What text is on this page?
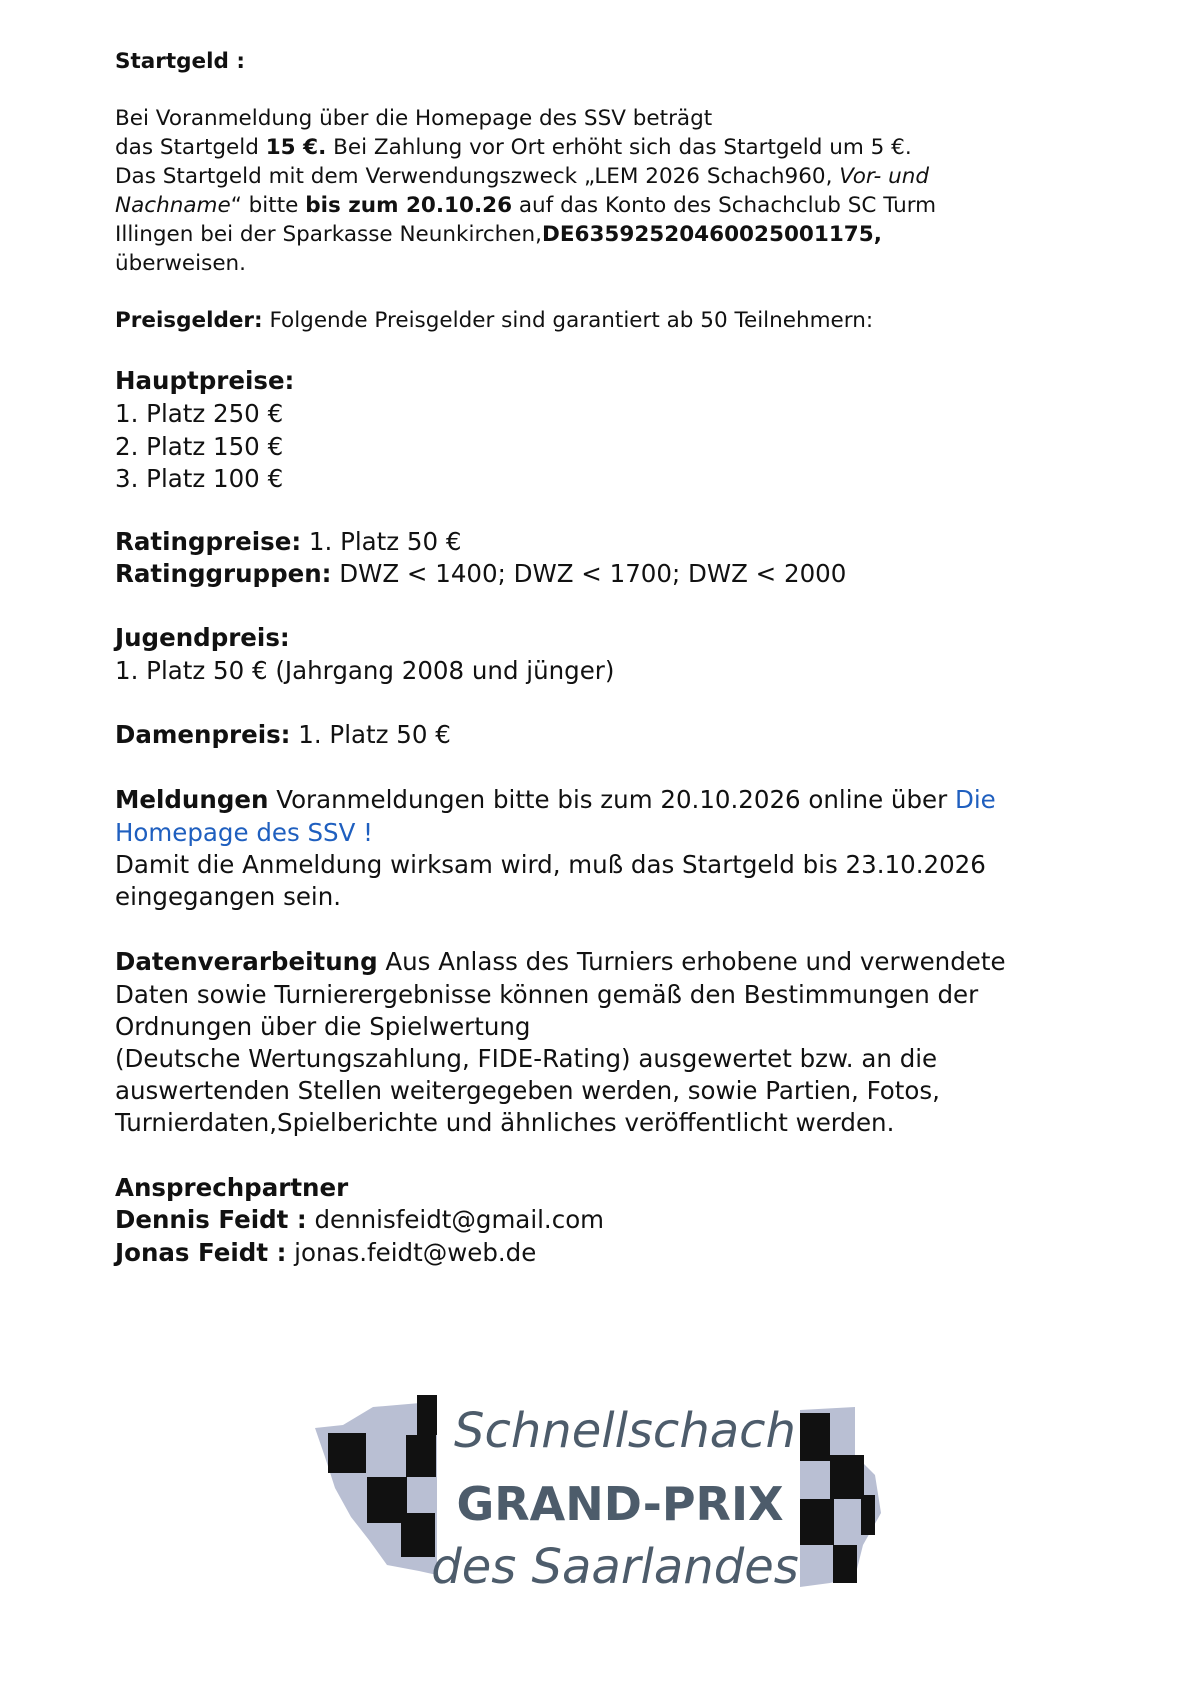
Startgeld :
Bei Voranmeldung über die Homepage des SSV beträgt
das Startgeld 15 €. Bei Zahlung vor Ort erhöht sich das Startgeld um 5 €.
Das Startgeld mit dem Verwendungszweck „LEM 2026 Schach960, Vor- und
Nachname“ bitte bis zum 20.10.26 auf das Konto des Schachclub SC Turm
Illingen bei der Sparkasse Neunkirchen,DE63592520460025001175,
überweisen.
Preisgelder: Folgende Preisgelder sind garantiert ab 50 Teilnehmern:
Hauptpreise:
1. Platz 250 €
2. Platz 150 €
3. Platz 100 €
Ratingpreise: 1. Platz 50 €
Ratinggruppen: DWZ < 1400; DWZ < 1700; DWZ < 2000
Jugendpreis:
1. Platz 50 € (Jahrgang 2008 und jünger)
Damenpreis: 1. Platz 50 €
Meldungen Voranmeldungen bitte bis zum 20.10.2026 online über Die
Homepage des SSV !
Damit die Anmeldung wirksam wird, muß das Startgeld bis 23.10.2026
eingegangen sein.
Datenverarbeitung Aus Anlass des Turniers erhobene und verwendete
Daten sowie Turnierergebnisse können gemäß den Bestimmungen der
Ordnungen über die Spielwertung
(Deutsche Wertungszahlung, FIDE-Rating) ausgewertet bzw. an die
auswertenden Stellen weitergegeben werden, sowie Partien, Fotos,
Turnierdaten,Spielberichte und ähnliches veröffentlicht werden.
Ansprechpartner
Dennis Feidt : dennisfeidt@gmail.com
Jonas Feidt : jonas.feidt@web.de
Schnellschach
GRAND-PRIX
des Saarlandes
